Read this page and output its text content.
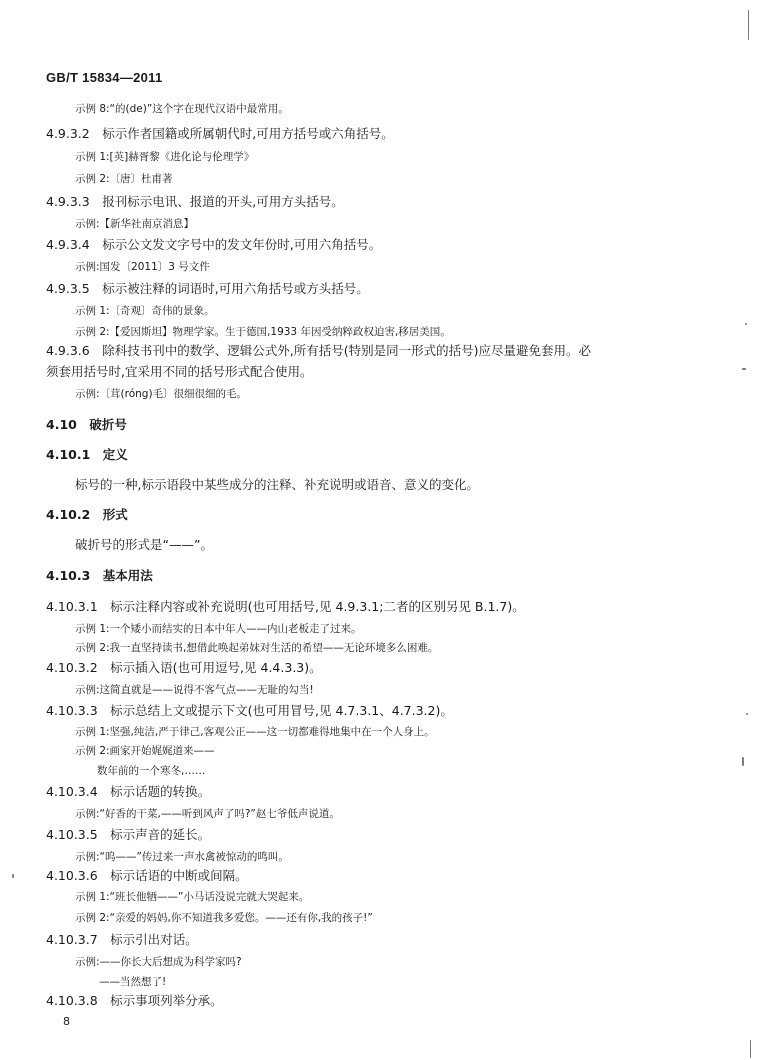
GB/T 15834—2011
示例 8:“的(de)”这个字在现代汉语中最常用。
4.9.3.2　标示作者国籍或所属朝代时,可用方括号或六角括号。
示例 1:[英]赫胥黎《进化论与伦理学》
示例 2:〔唐〕杜甫著
4.9.3.3　报刊标示电讯、报道的开头,可用方头括号。
示例:【新华社南京消息】
4.9.3.4　标示公文发文字号中的发文年份时,可用六角括号。
示例:国发〔2011〕3 号文件
4.9.3.5　标示被注释的词语时,可用六角括号或方头括号。
示例 1:〔奇观〕奇伟的景象。
示例 2:【爱因斯坦】物理学家。生于德国,1933 年因受纳粹政权迫害,移居美国。
4.9.3.6　除科技书刊中的数学、逻辑公式外,所有括号(特别是同一形式的括号)应尽量避免套用。必
须套用括号时,宜采用不同的括号形式配合使用。
示例:〔茸(róng)毛〕很细很细的毛。
4.10　破折号
4.10.1　定义
标号的一种,标示语段中某些成分的注释、补充说明或语音、意义的变化。
4.10.2　形式
破折号的形式是“——”。
4.10.3　基本用法
4.10.3.1　标示注释内容或补充说明(也可用括号,见 4.9.3.1;二者的区别另见 B.1.7)。
示例 1:一个矮小而结实的日本中年人——内山老板走了过来。
示例 2:我一直坚持读书,想借此唤起弟妹对生活的希望——无论环境多么困难。
4.10.3.2　标示插入语(也可用逗号,见 4.4.3.3)。
示例:这简直就是——说得不客气点——无耻的勾当!
4.10.3.3　标示总结上文或提示下文(也可用冒号,见 4.7.3.1、4.7.3.2)。
示例 1:坚强,纯洁,严于律己,客观公正——这一切都难得地集中在一个人身上。
示例 2:画家开始娓娓道来——
数年前的一个寒冬,……
4.10.3.4　标示话题的转换。
示例:“好香的干菜,——听到风声了吗?”赵七爷低声说道。
4.10.3.5　标示声音的延长。
示例:“呜——”传过来一声水禽被惊动的鸣叫。
4.10.3.6　标示话语的中断或间隔。
示例 1:“班长他牺——”小马话没说完就大哭起来。
示例 2:“亲爱的妈妈,你不知道我多爱您。——还有你,我的孩子!”
4.10.3.7　标示引出对话。
示例:——你长大后想成为科学家吗?
——当然想了!
4.10.3.8　标示事项列举分承。
8
